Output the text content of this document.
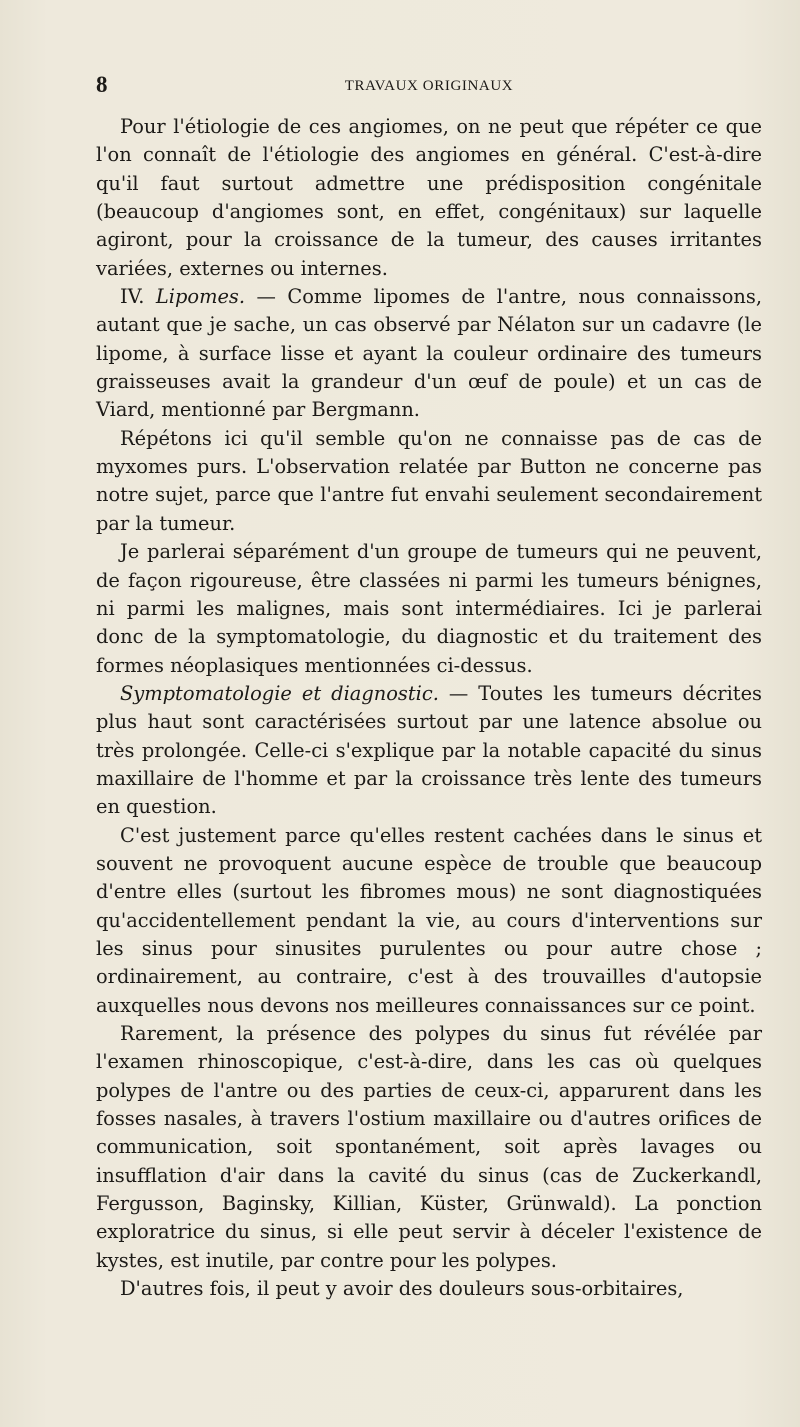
8	TRAVAUX ORIGINAUX

Pour l'étiologie de ces angiomes, on ne peut que répéter ce que l'on connaît de l'étiologie des angiomes en général. C'est-à-dire qu'il faut surtout admettre une prédisposition congénitale (beaucoup d'angiomes sont, en effet, congénitaux) sur laquelle agiront, pour la croissance de la tumeur, des causes irritantes variées, externes ou internes.

IV. Lipomes. — Comme lipomes de l'antre, nous connaissons, autant que je sache, un cas observé par Nélaton sur un cadavre (le lipome, à surface lisse et ayant la couleur ordinaire des tumeurs graisseuses avait la grandeur d'un œuf de poule) et un cas de Viard, mentionné par Bergmann.

Répétons ici qu'il semble qu'on ne connaisse pas de cas de myxomes purs. L'observation relatée par Button ne concerne pas notre sujet, parce que l'antre fut envahi seulement secondairement par la tumeur.

Je parlerai séparément d'un groupe de tumeurs qui ne peuvent, de façon rigoureuse, être classées ni parmi les tumeurs bénignes, ni parmi les malignes, mais sont intermédiaires. Ici je parlerai donc de la symptomatologie, du diagnostic et du traitement des formes néoplasiques mentionnées ci-dessus.

Symptomatologie et diagnostic. — Toutes les tumeurs décrites plus haut sont caractérisées surtout par une latence absolue ou très prolongée. Celle-ci s'explique par la notable capacité du sinus maxillaire de l'homme et par la croissance très lente des tumeurs en question.

C'est justement parce qu'elles restent cachées dans le sinus et souvent ne provoquent aucune espèce de trouble que beaucoup d'entre elles (surtout les fibromes mous) ne sont diagnostiquées qu'accidentellement pendant la vie, au cours d'interventions sur les sinus pour sinusites purulentes ou pour autre chose ; ordinairement, au contraire, c'est à des trouvailles d'autopsie auxquelles nous devons nos meilleures connaissances sur ce point.

Rarement, la présence des polypes du sinus fut révélée par l'examen rhinoscopique, c'est-à-dire, dans les cas où quelques polypes de l'antre ou des parties de ceux-ci, apparurent dans les fosses nasales, à travers l'ostium maxillaire ou d'autres orifices de communication, soit spontanément, soit après lavages ou insufflation d'air dans la cavité du sinus (cas de Zuckerkandl, Fergusson, Baginsky, Killian, Küster, Grünwald). La ponction exploratrice du sinus, si elle peut servir à déceler l'existence de kystes, est inutile, par contre pour les polypes.

D'autres fois, il peut y avoir des douleurs sous-orbitaires,
